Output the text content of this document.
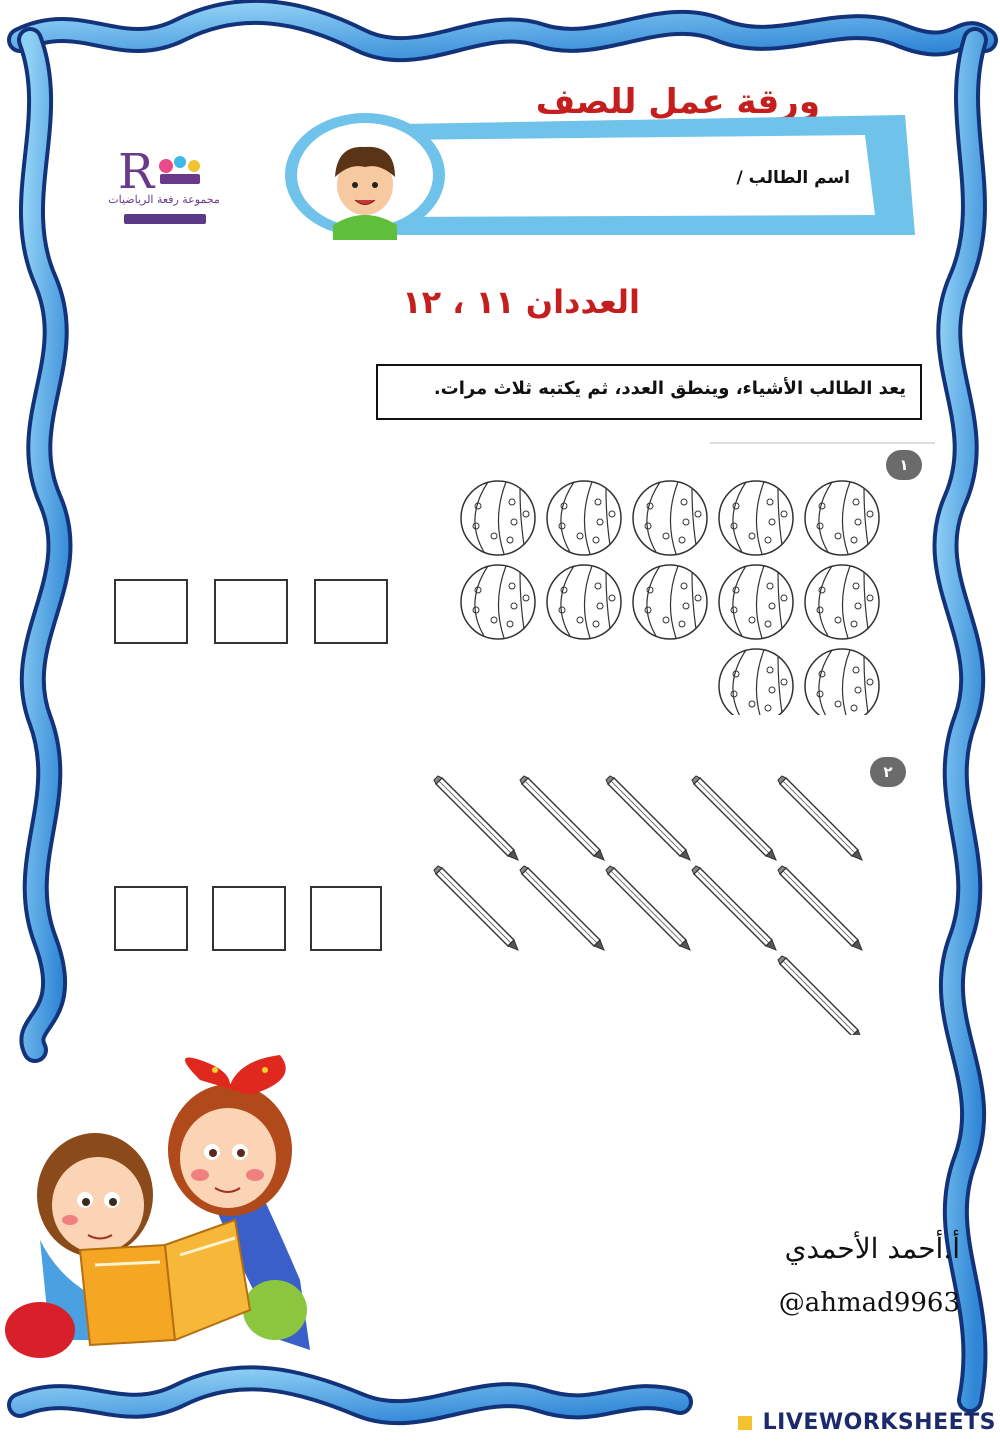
R
مجموعة رفعة الرياضيات
ورقة عمل للصف
اسم الطالب /
العددان ١١ ، ١٢
يعد الطالب الأشياء، وينطق العدد، ثم يكتبه ثلاث مرات.
١
٢
أ.أحمد الأحمدي
@ahmad9963
LIVEWORKSHEETS
